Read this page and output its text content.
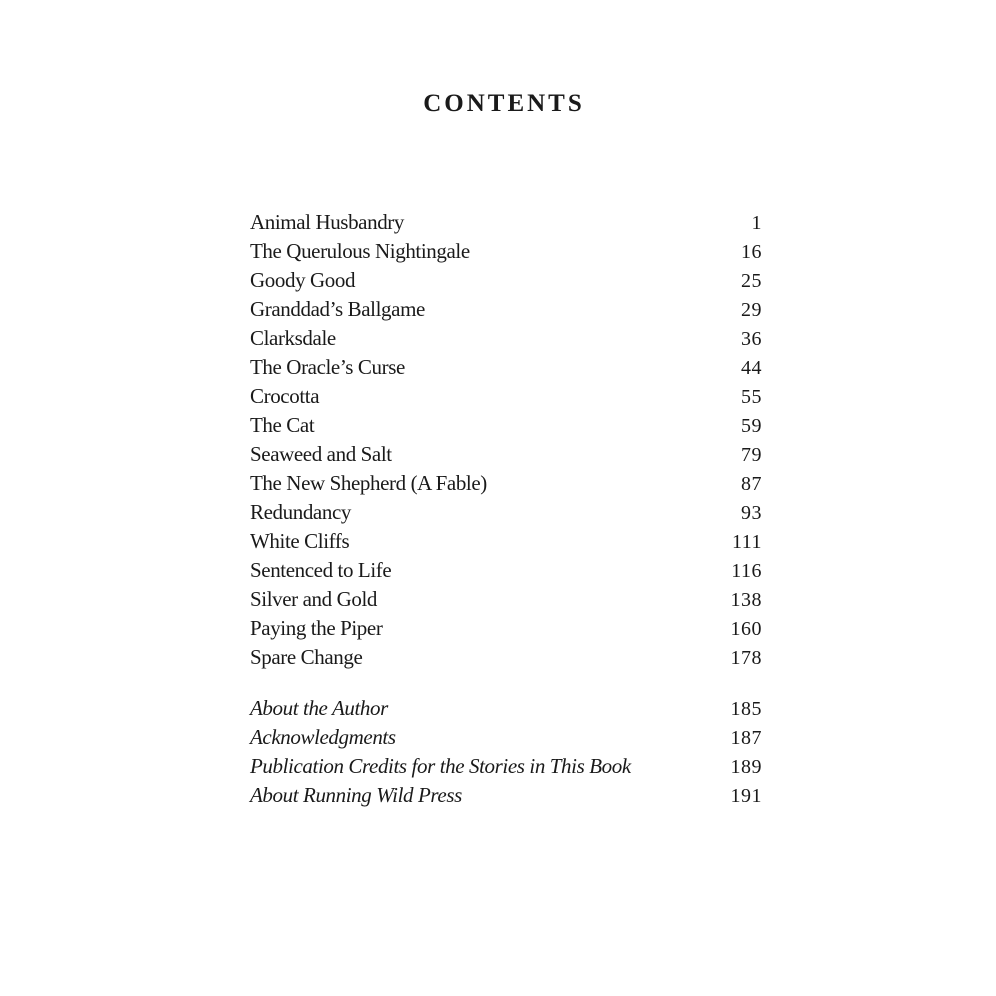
CONTENTS
Animal Husbandry	1
The Querulous Nightingale	16
Goody Good	25
Granddad’s Ballgame	29
Clarksdale	36
The Oracle’s Curse	44
Crocotta	55
The Cat	59
Seaweed and Salt	79
The New Shepherd (A Fable)	87
Redundancy	93
White Cliffs	111
Sentenced to Life	116
Silver and Gold	138
Paying the Piper	160
Spare Change	178
About the Author	185
Acknowledgments	187
Publication Credits for the Stories in This Book	189
About Running Wild Press	191
